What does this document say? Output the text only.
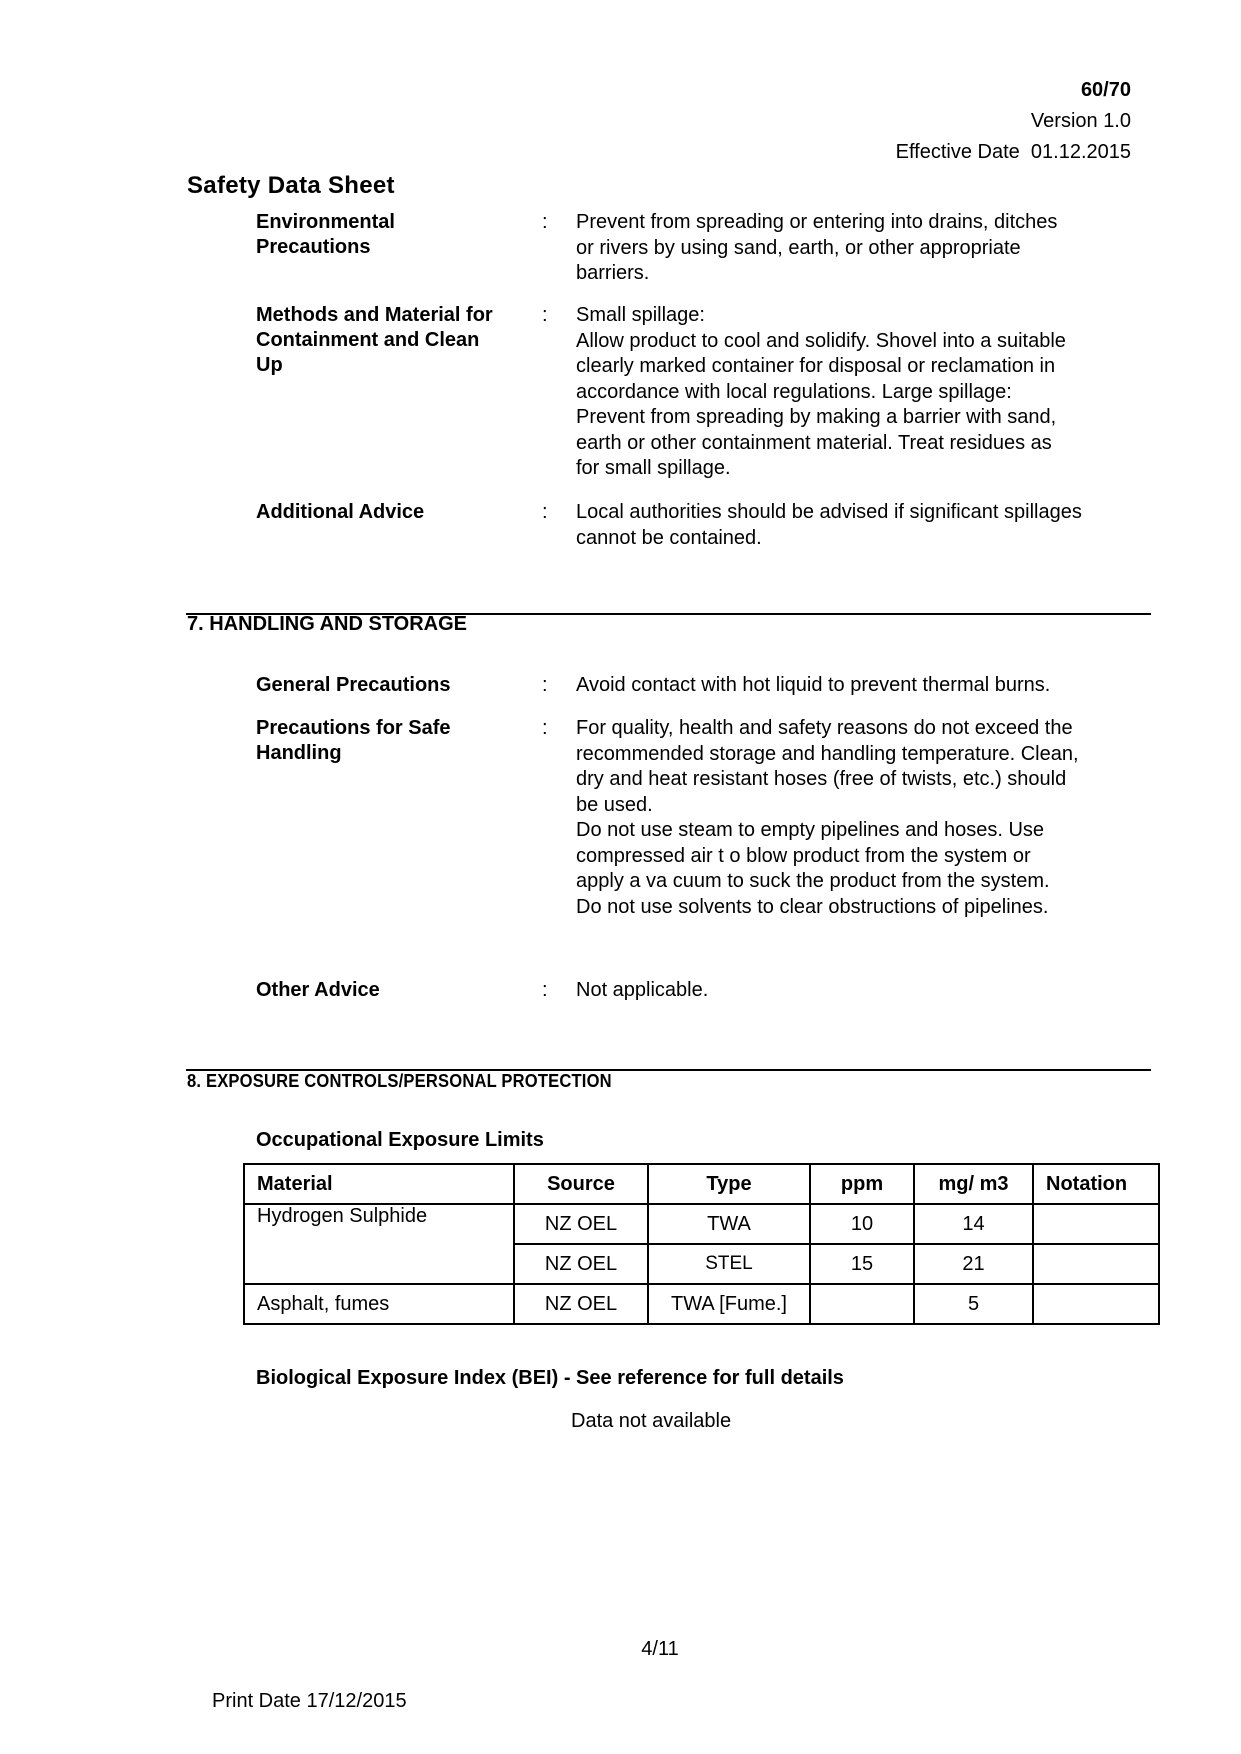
60/70
Version 1.0
Effective Date  01.12.2015
Safety Data Sheet
Environmental
Precautions
: Prevent from spreading or entering into drains, ditches
or rivers by using sand, earth, or other appropriate
barriers.
Methods and Material for
Containment and Clean
Up
: Small spillage:
Allow product to cool and solidify. Shovel into a suitable
clearly marked container for disposal or reclamation in
accordance with local regulations. Large spillage:
Prevent from spreading by making a barrier with sand,
earth or other containment material. Treat residues as
for small spillage.
Additional Advice	: Local authorities should be advised if significant spillages
cannot be contained.
7. HANDLING AND STORAGE
General Precautions	: Avoid contact with hot liquid to prevent thermal burns.
Precautions for Safe
Handling
: For quality, health and safety reasons do not exceed the
recommended storage and handling temperature. Clean,
dry and heat resistant hoses (free of twists, etc.) should
be used.
Do not use steam to empty pipelines and hoses. Use
compressed air t o blow product from the system or
apply a va cuum to suck the product from the system.
Do not use solvents to clear obstructions of pipelines.
Other Advice	: Not applicable.
8. EXPOSURE CONTROLS/PERSONAL PROTECTION
Occupational Exposure Limits
Material	Source	Type	ppm	mg/ m3	Notation
Hydrogen Sulphide	NZ OEL	TWA	10	14	
	NZ OEL	STEL	15	21	
Asphalt, fumes	NZ OEL	TWA [Fume.]		5	
Biological Exposure Index (BEI) - See reference for full details
Data not available
4/11
Print Date 17/12/2015
